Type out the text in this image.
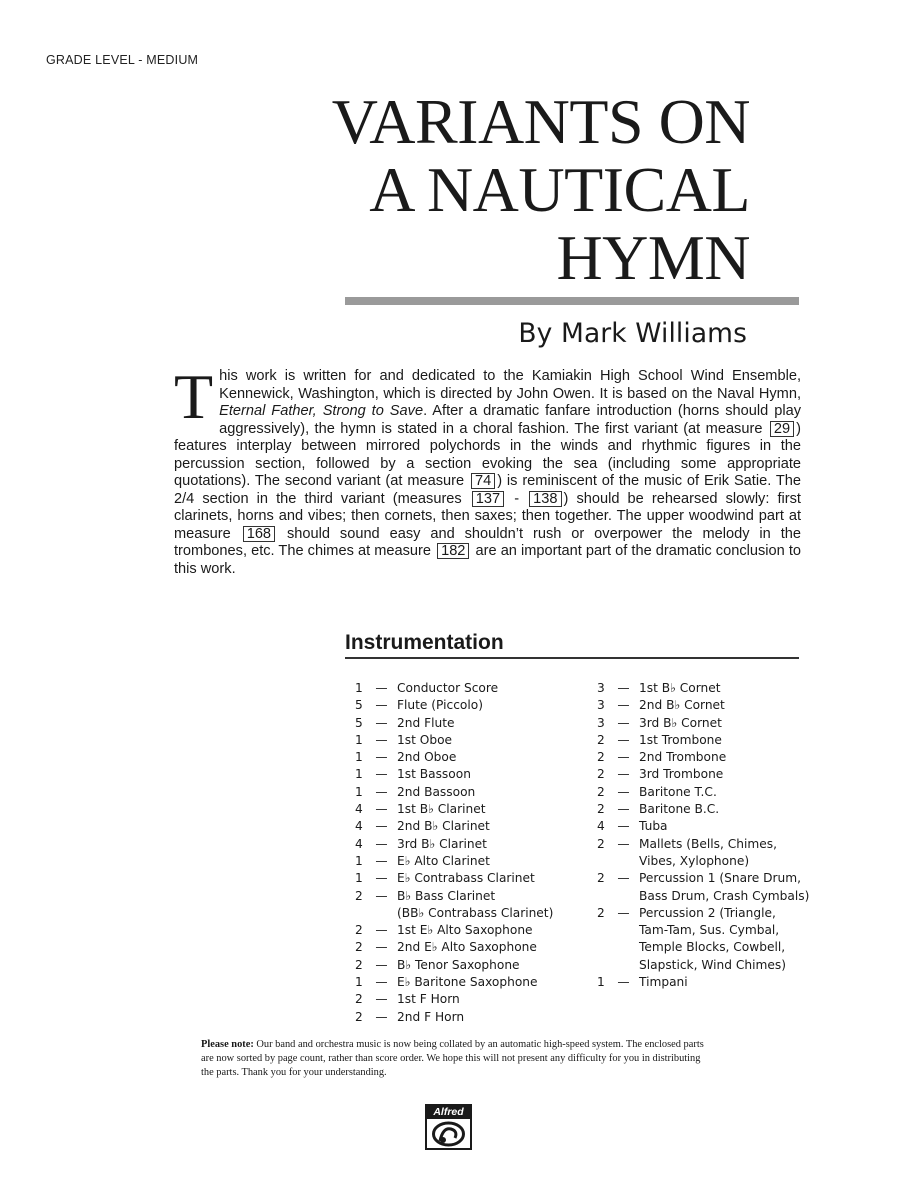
GRADE LEVEL - MEDIUM
VARIANTS ON
A NAUTICAL
HYMN
By Mark Williams
This work is written for and dedicated to the Kamiakin High School Wind Ensemble, Kennewick, Washington, which is directed by John Owen. It is based on the Naval Hymn, Eternal Father, Strong to Save. After a dramatic fanfare introduction (horns should play aggressively), the hymn is stated in a choral fashion. The first variant (at measure 29 ) features interplay between mirrored polychords in the winds and rhythmic figures in the percussion section, followed by a section evoking the sea (including some appropriate quotations). The second variant (at measure 74 ) is reminiscent of the music of Erik Satie. The 2/4 section in the third variant (measures 137 - 138 ) should be rehearsed slowly: first clarinets, horns and vibes; then cornets, then saxes; then together. The upper woodwind part at measure 168 should sound easy and shouldn’t rush or overpower the melody in the trombones, etc. The chimes at measure 182 are an important part of the dramatic conclusion to this work.
Instrumentation
1	— Conductor Score
5	— Flute (Piccolo)
5	— 2nd Flute
1	— 1st Oboe
1	— 2nd Oboe
1	— 1st Bassoon
1	— 2nd Bassoon
4	— 1st B♭ Clarinet
4	— 2nd B♭ Clarinet
4	— 3rd B♭ Clarinet
1	— E♭ Alto Clarinet
1	— E♭ Contrabass Clarinet
2	— B♭ Bass Clarinet
(BB♭ Contrabass Clarinet)
2	— 1st E♭ Alto Saxophone
2	— 2nd E♭ Alto Saxophone
2	— B♭ Tenor Saxophone
1	— E♭ Baritone Saxophone
2	— 1st F Horn
2	— 2nd F Horn
3	— 1st B♭ Cornet
3	— 2nd B♭ Cornet
3	— 3rd B♭ Cornet
2	— 1st Trombone
2	— 2nd Trombone
2	— 3rd Trombone
2	— Baritone T.C.
2	— Baritone B.C.
4	— Tuba
2	— Mallets (Bells, Chimes,
Vibes, Xylophone)
2	— Percussion 1 (Snare Drum,
Bass Drum, Crash Cymbals)
2	— Percussion 2 (Triangle,
Tam-Tam, Sus. Cymbal,
Temple Blocks, Cowbell,
Slapstick, Wind Chimes)
1	— Timpani
Please note: Our band and orchestra music is now being collated by an automatic high-speed system. The enclosed parts are now sorted by page count, rather than score order. We hope this will not present any difficulty for you in distributing the parts. Thank you for your understanding.
Alfred
